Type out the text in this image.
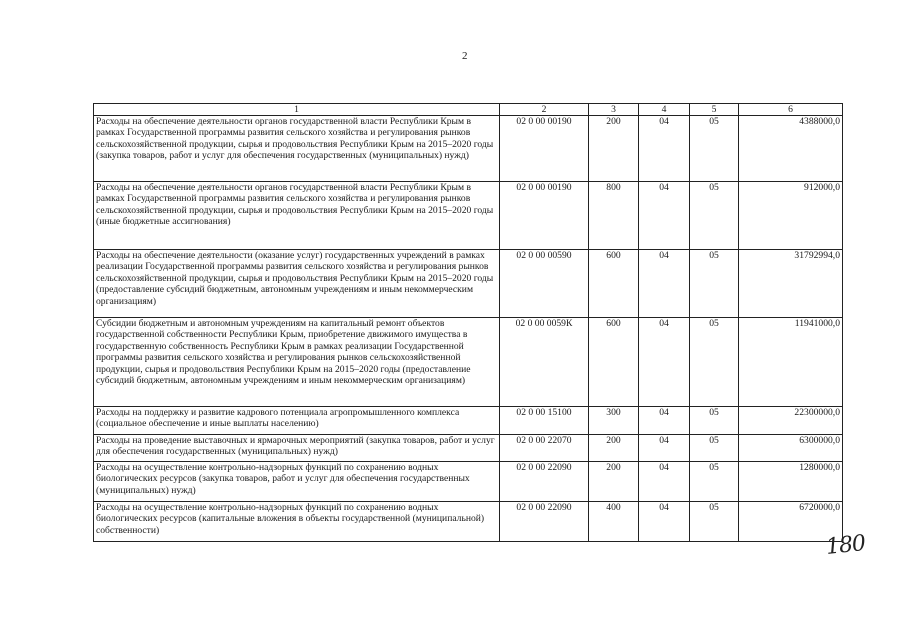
2
1	2	3	4	5	6
Расходы на обеспечение деятельности органов государственной власти Республики Крым в рамках Государственной программы развития сельского хозяйства и регулирования рынков сельскохозяйственной продукции, сырья и продовольствия Республики Крым на 2015–2020 годы (закупка товаров, работ и услуг для обеспечения государственных (муниципальных) нужд)	02 0 00 00190	200	04	05	4388000,0
Расходы на обеспечение деятельности органов государственной власти Республики Крым в рамках Государственной программы развития сельского хозяйства и регулирования рынков сельскохозяйственной продукции, сырья и продовольствия Республики Крым на 2015–2020 годы (иные бюджетные ассигнования)	02 0 00 00190	800	04	05	912000,0
Расходы на обеспечение деятельности (оказание услуг) государственных учреждений в рамках реализации Государственной программы развития сельского хозяйства и регулирования рынков сельскохозяйственной продукции, сырья и продовольствия Республики Крым на 2015–2020 годы (предоставление субсидий бюджетным, автономным учреждениям и иным некоммерческим организациям)	02 0 00 00590	600	04	05	31792994,0
Субсидии бюджетным и автономным учреждениям на капитальный ремонт объектов государственной собственности Республики Крым, приобретение движимого имущества в государственную собственность Республики Крым в рамках реализации Государственной программы развития сельского хозяйства и регулирования рынков сельскохозяйственной продукции, сырья и продовольствия Республики Крым на 2015–2020 годы (предоставление субсидий бюджетным, автономным учреждениям и иным некоммерческим организациям)	02 0 00 0059К	600	04	05	11941000,0
Расходы на поддержку и развитие кадрового потенциала агропромышленного комплекса (социальное обеспечение и иные выплаты населению)	02 0 00 15100	300	04	05	22300000,0
Расходы на проведение выставочных и ярмарочных мероприятий (закупка товаров, работ и услуг для обеспечения государственных (муниципальных) нужд)	02 0 00 22070	200	04	05	6300000,0
Расходы на осуществление контрольно-надзорных функций по сохранению водных биологических ресурсов (закупка товаров, работ и услуг для обеспечения государственных (муниципальных) нужд)	02 0 00 22090	200	04	05	1280000,0
Расходы на осуществление контрольно-надзорных функций по сохранению водных биологических ресурсов (капитальные вложения в объекты государственной (муниципальной) собственности)	02 0 00 22090	400	04	05	6720000,0
180
